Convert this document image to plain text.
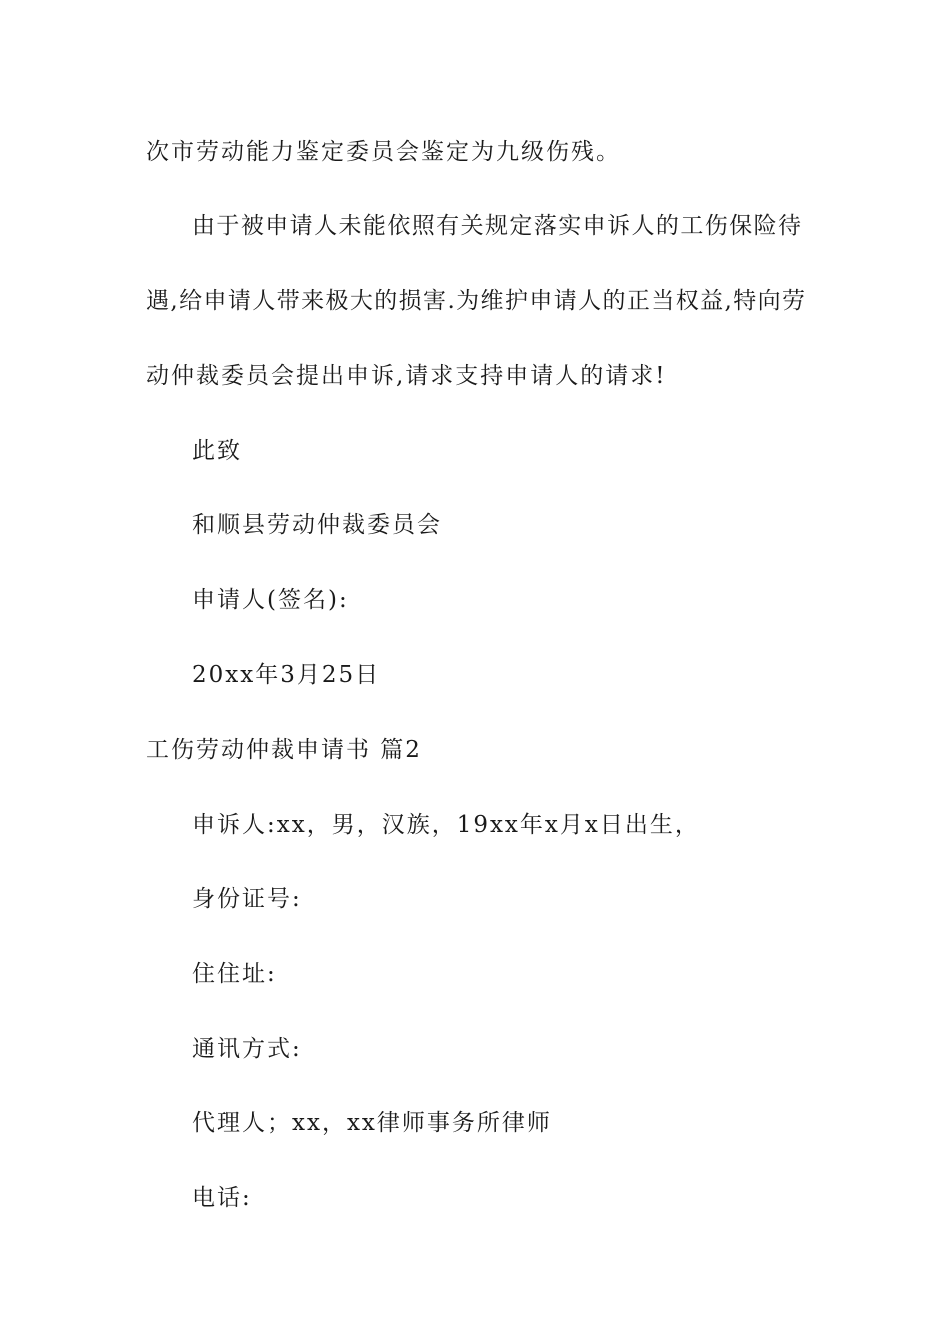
次市劳动能力鉴定委员会鉴定为九级伤残。
由于被申请人未能依照有关规定落实申诉人的工伤保险待
遇,给申请人带来极大的损害.为维护申请人的正当权益,特向劳
动仲裁委员会提出申诉,请求支持申请人的请求!
此致
和顺县劳动仲裁委员会
申请人(签名):
20xx年3月25日
工伤劳动仲裁申请书 篇2
申诉人:xx，男，汉族，19xx年x月x日出生，
身份证号:
住住址:
通讯方式:
代理人；xx，xx律师事务所律师
电话:
